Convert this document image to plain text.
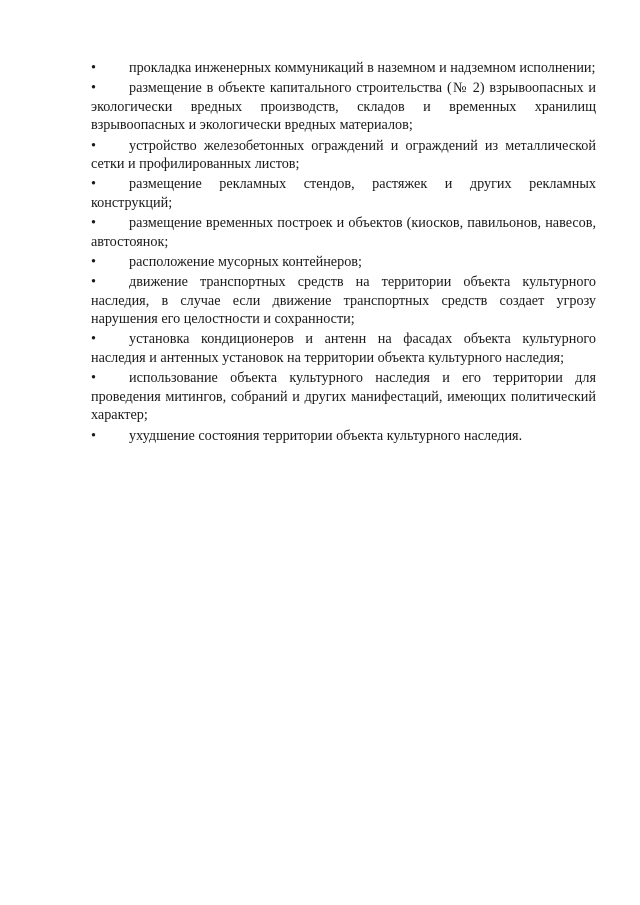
• прокладка инженерных коммуникаций в наземном и надземном исполнении;
• размещение в объекте капитального строительства (№ 2) взрывоопасных и экологически вредных производств, складов и временных хранилищ взрывоопасных и экологически вредных материалов;
• устройство железобетонных ограждений и ограждений из металлической сетки и профилированных листов;
• размещение рекламных стендов, растяжек и других рекламных конструкций;
• размещение временных построек и объектов (киосков, павильонов, навесов, автостоянок;
• расположение мусорных контейнеров;
• движение транспортных средств на территории объекта культурного наследия, в случае если движение транспортных средств создает угрозу нарушения его целостности и сохранности;
• установка кондиционеров и антенн на фасадах объекта культурного наследия и антенных установок на территории объекта культурного наследия;
• использование объекта культурного наследия и его территории для проведения митингов, собраний и других манифестаций, имеющих политический характер;
• ухудшение состояния территории объекта культурного наследия.
